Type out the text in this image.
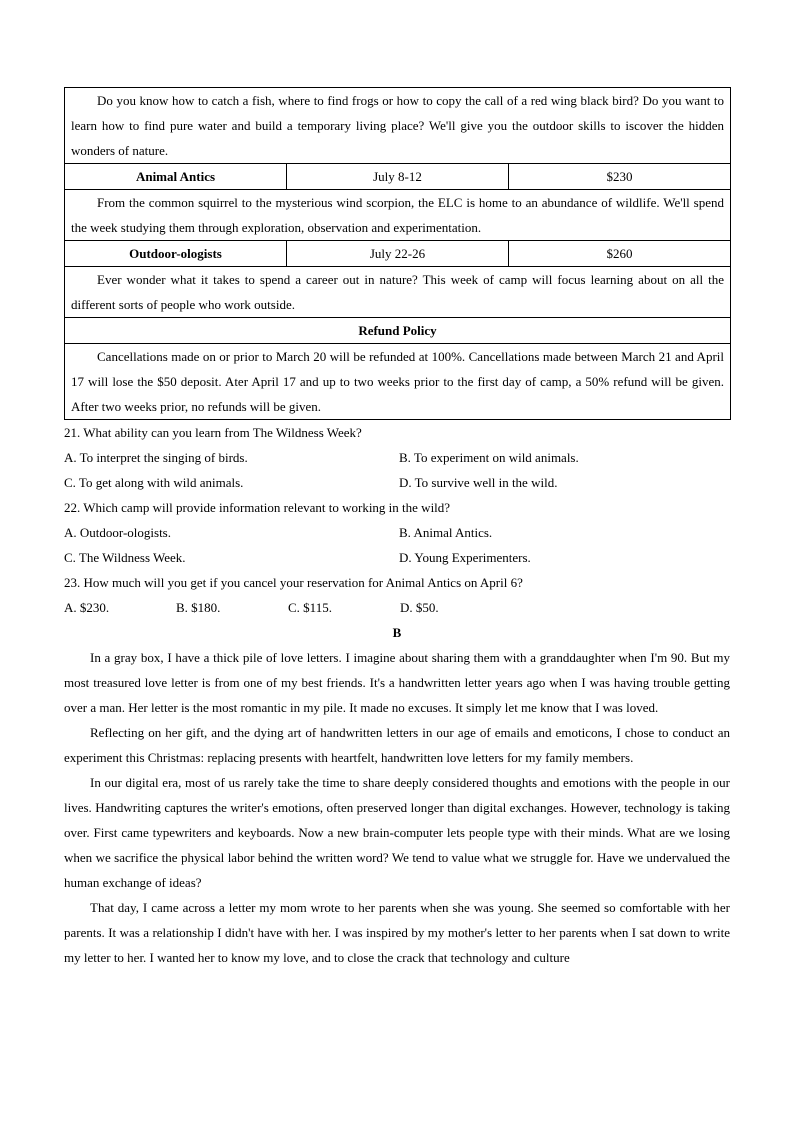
Do you know how to catch a fish, where to find frogs or how to copy the call of a red wing black bird? Do you want to learn how to find pure water and build a temporary living place? We'll give you the outdoor skills to iscover the hidden wonders of nature.		
Animal Antics	July 8-12	$230
From the common squirrel to the mysterious wind scorpion, the ELC is home to an abundance of wildlife. We'll spend the week studying them through exploration, observation and experimentation.		
Outdoor-ologists	July 22-26	$260
Ever wonder what it takes to spend a career out in nature? This week of camp will focus learning about on all the different sorts of people who work outside.		
Refund Policy		
Cancellations made on or prior to March 20 will be refunded at 100%. Cancellations made between March 21 and April 17 will lose the $50 deposit. Ater April 17 and up to two weeks prior to the first day of camp, a 50% refund will be given. After two weeks prior, no refunds will be given.		
21. What ability can you learn from The Wildness Week?
A. To interpret the singing of birds.	B. To experiment on wild animals.
C. To get along with wild animals.	D. To survive well in the wild.
22. Which camp will provide information relevant to working in the wild?
A. Outdoor-ologists.	B. Animal Antics.
C. The Wildness Week.	D. Young Experimenters.
23. How much will you get if you cancel your reservation for Animal Antics on April 6?
A. $230.	B. $180.	C. $115.	D. $50.
B

In a gray box, I have a thick pile of love letters. I imagine about sharing them with a granddaughter when I'm 90. But my most treasured love letter is from one of my best friends. It's a handwritten letter years ago when I was having trouble getting over a man. Her letter is the most romantic in my pile. It made no excuses. It simply let me know that I was loved.

Reflecting on her gift, and the dying art of handwritten letters in our age of emails and emoticons, I chose to conduct an experiment this Christmas: replacing presents with heartfelt, handwritten love letters for my family members.

In our digital era, most of us rarely take the time to share deeply considered thoughts and emotions with the people in our lives. Handwriting captures the writer's emotions, often preserved longer than digital exchanges. However, technology is taking over. First came typewriters and keyboards. Now a new brain-computer lets people type with their minds. What are we losing when we sacrifice the physical labor behind the written word? We tend to value what we struggle for. Have we undervalued the human exchange of ideas?

That day, I came across a letter my mom wrote to her parents when she was young. She seemed so comfortable with her parents. It was a relationship I didn't have with her. I was inspired by my mother's letter to her parents when I sat down to write my letter to her. I wanted her to know my love, and to close the crack that technology and culture
